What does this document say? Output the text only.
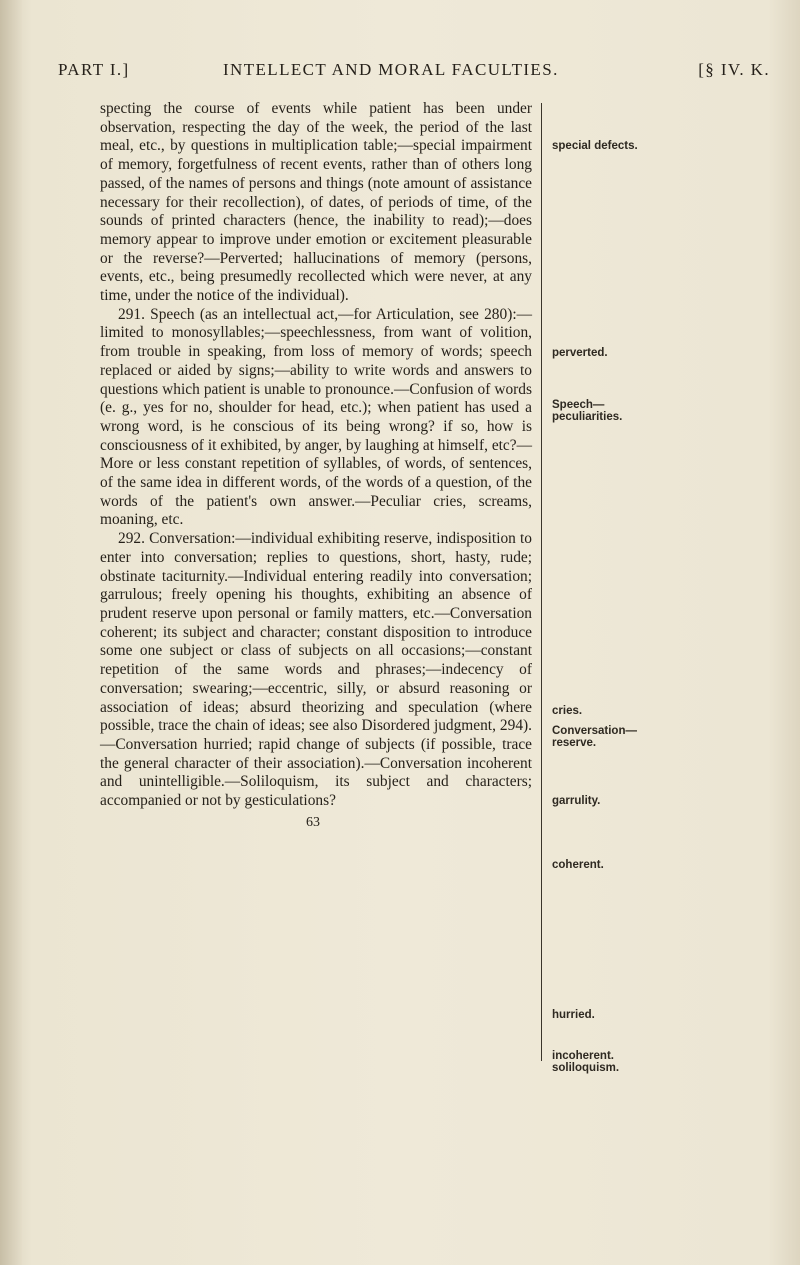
PART I.]	INTELLECT AND MORAL FACULTIES.	[§ IV. K.

specting the course of events while patient has been under observation, respecting the day of the week, the period of the last meal, etc., by questions in multiplication table;—special impairment of memory, forgetfulness of recent events, rather than of others long passed, of the names of persons and things (note amount of assistance necessary for their recollection), of dates, of periods of time, of the sounds of printed characters (hence, the inability to read);—does memory appear to improve under emotion or excitement pleasurable or the reverse?—Perverted; hallucinations of memory (persons, events, etc., being presumedly recollected which were never, at any time, under the notice of the individual).

291. Speech (as an intellectual act,—for Articulation, see 280):—limited to monosyllables;—speechlessness, from want of volition, from trouble in speaking, from loss of memory of words; speech replaced or aided by signs;—ability to write words and answers to questions which patient is unable to pronounce.—Confusion of words (e. g., yes for no, shoulder for head, etc.); when patient has used a wrong word, is he conscious of its being wrong? if so, how is consciousness of it exhibited, by anger, by laughing at himself, etc?—More or less constant repetition of syllables, of words, of sentences, of the same idea in different words, of the words of a question, of the words of the patient's own answer.—Peculiar cries, screams, moaning, etc.

292. Conversation:—individual exhibiting reserve, indisposition to enter into conversation; replies to questions, short, hasty, rude; obstinate taciturnity.—Individual entering readily into conversation; garrulous; freely opening his thoughts, exhibiting an absence of prudent reserve upon personal or family matters, etc.—Conversation coherent; its subject and character; constant disposition to introduce some one subject or class of subjects on all occasions;—constant repetition of the same words and phrases;—indecency of conversation; swearing;—eccentric, silly, or absurd reasoning or association of ideas; absurd theorizing and speculation (where possible, trace the chain of ideas; see also Disordered judgment, 294).—Conversation hurried; rapid change of subjects (if possible, trace the general character of their association).—Conversation incoherent and unintelligible.—Soliloquism, its subject and characters; accompanied or not by gesticulations?

special defects.
perverted.
Speech—
peculiarities.
cries.
Conversation—
reserve.
garrulity.
coherent.
hurried.
incoherent.
soliloquism.
63
